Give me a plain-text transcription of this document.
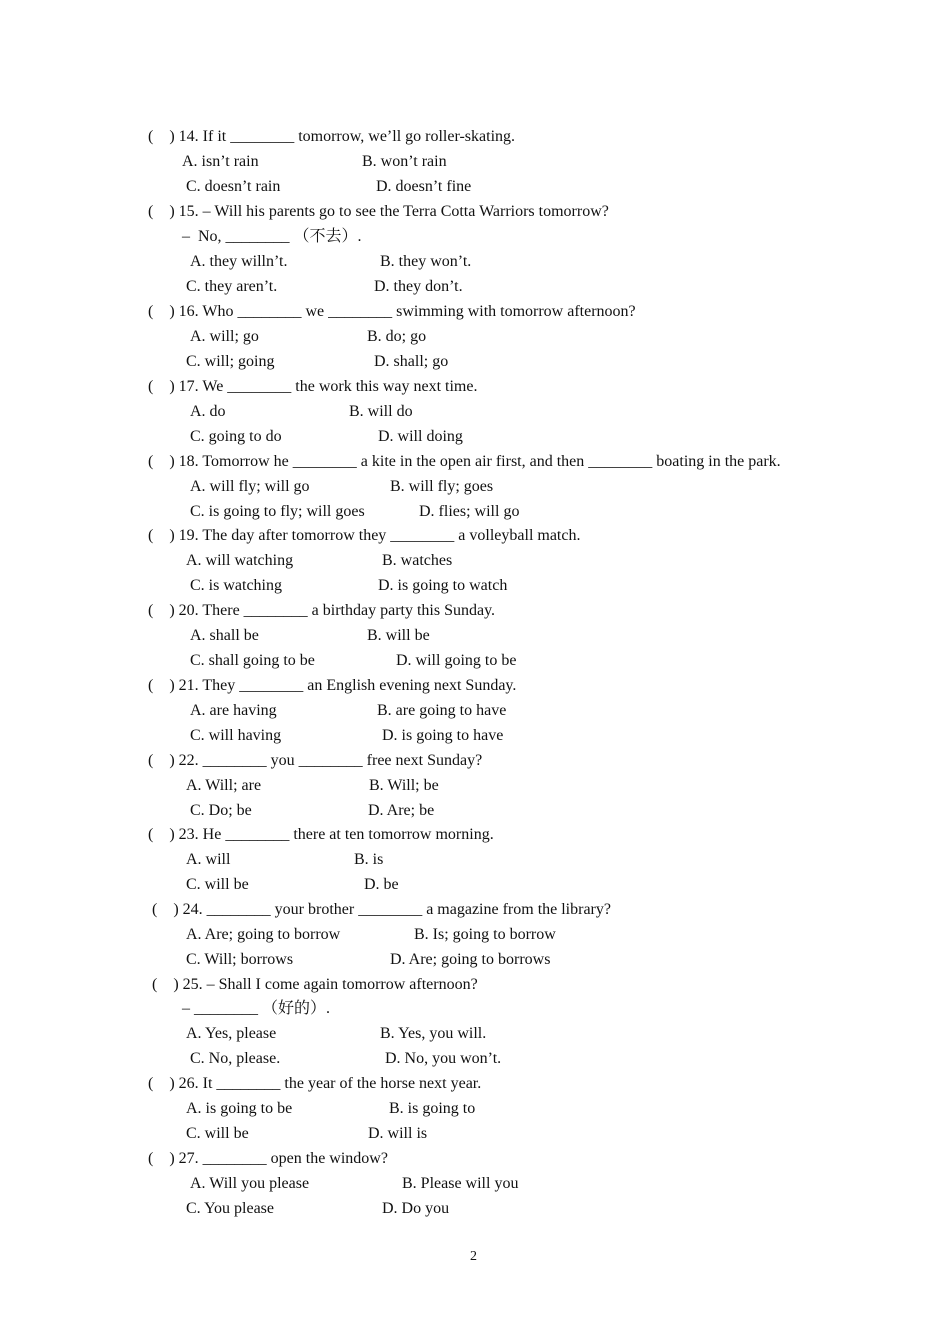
(    ) 14. If it ________ tomorrow, we’ll go roller-skating.
A. isn’t rain	B. won’t rain
C. doesn’t rain	D. doesn’t fine
(    ) 15. – Will his parents go to see the Terra Cotta Warriors tomorrow?
–  No, ________ （不去）.
A. they willn’t.	B. they won’t.
C. they aren’t.	D. they don’t.
(    ) 16. Who ________ we ________ swimming with tomorrow afternoon?
A. will; go	B. do; go
C. will; going	D. shall; go
(    ) 17. We ________ the work this way next time.
A. do	B. will do
C. going to do	D. will doing
(    ) 18. Tomorrow he ________ a kite in the open air first, and then ________ boating in the park.
A. will fly; will go	B. will fly; goes
C. is going to fly; will goes	D. flies; will go
(    ) 19. The day after tomorrow they ________ a volleyball match.
A. will watching	B. watches
C. is watching	D. is going to watch
(    ) 20. There ________ a birthday party this Sunday.
A. shall be	B. will be
C. shall going to be	D. will going to be
(    ) 21. They ________ an English evening next Sunday.
A. are having	B. are going to have
C. will having	D. is going to have
(    ) 22. ________ you ________ free next Sunday?
A. Will; are	B. Will; be
C. Do; be	D. Are; be
(    ) 23. He ________ there at ten tomorrow morning.
A. will	B. is
C. will be	D. be
(    ) 24. ________ your brother ________ a magazine from the library?
A. Are; going to borrow	B. Is; going to borrow
C. Will; borrows	D. Are; going to borrows
(    ) 25. – Shall I come again tomorrow afternoon?
– ________ （好的）.
A. Yes, please	B. Yes, you will.
C. No, please.	D. No, you won’t.
(    ) 26. It ________ the year of the horse next year.
A. is going to be	B. is going to
C. will be	D. will is
(    ) 27. ________ open the window?
A. Will you please	B. Please will you
C. You please	D. Do you
2
